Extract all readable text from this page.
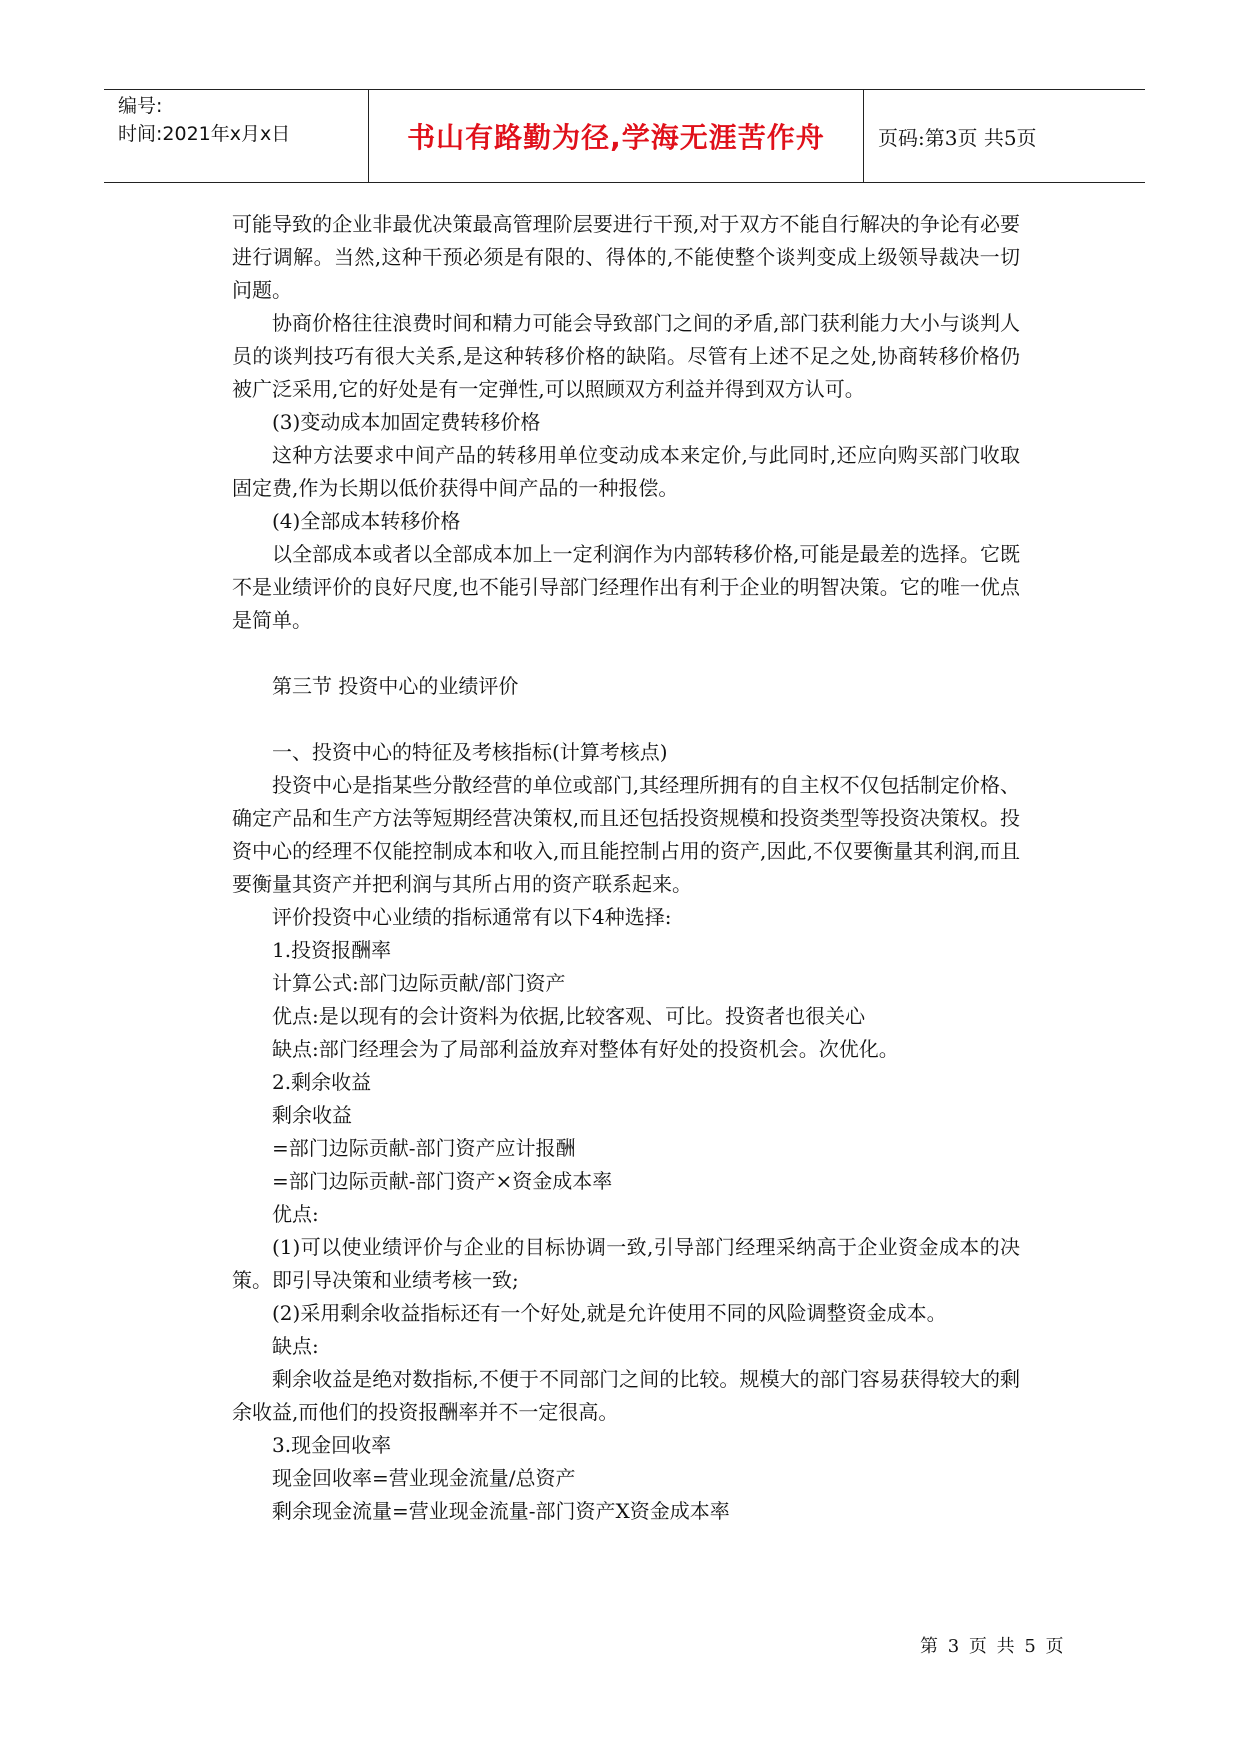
编号:
时间:2021年x月x日	书山有路勤为径,学海无涯苦作舟	页码:第3页 共5页

可能导致的企业非最优决策最高管理阶层要进行干预,对于双方不能自行解决的争论有必要进行调解。当然,这种干预必须是有限的、得体的,不能使整个谈判变成上级领导裁决一切问题。

协商价格往往浪费时间和精力可能会导致部门之间的矛盾,部门获利能力大小与谈判人员的谈判技巧有很大关系,是这种转移价格的缺陷。尽管有上述不足之处,协商转移价格仍被广泛采用,它的好处是有一定弹性,可以照顾双方利益并得到双方认可。

(3)变动成本加固定费转移价格

这种方法要求中间产品的转移用单位变动成本来定价,与此同时,还应向购买部门收取固定费,作为长期以低价获得中间产品的一种报偿。

(4)全部成本转移价格

以全部成本或者以全部成本加上一定利润作为内部转移价格,可能是最差的选择。它既不是业绩评价的良好尺度,也不能引导部门经理作出有利于企业的明智决策。它的唯一优点是简单。

第三节 投资中心的业绩评价

一、投资中心的特征及考核指标(计算考核点)

投资中心是指某些分散经营的单位或部门,其经理所拥有的自主权不仅包括制定价格、确定产品和生产方法等短期经营决策权,而且还包括投资规模和投资类型等投资决策权。投资中心的经理不仅能控制成本和收入,而且能控制占用的资产,因此,不仅要衡量其利润,而且要衡量其资产并把利润与其所占用的资产联系起来。

评价投资中心业绩的指标通常有以下4种选择:

1.投资报酬率

计算公式:部门边际贡献/部门资产

优点:是以现有的会计资料为依据,比较客观、可比。投资者也很关心

缺点:部门经理会为了局部利益放弃对整体有好处的投资机会。次优化。

2.剩余收益

剩余收益

=部门边际贡献-部门资产应计报酬

=部门边际贡献-部门资产×资金成本率

优点:

(1)可以使业绩评价与企业的目标协调一致,引导部门经理采纳高于企业资金成本的决策。即引导决策和业绩考核一致;

(2)采用剩余收益指标还有一个好处,就是允许使用不同的风险调整资金成本。

缺点:

剩余收益是绝对数指标,不便于不同部门之间的比较。规模大的部门容易获得较大的剩余收益,而他们的投资报酬率并不一定很高。

3.现金回收率

现金回收率=营业现金流量/总资产

剩余现金流量=营业现金流量-部门资产X资金成本率

第 3 页 共 5 页
